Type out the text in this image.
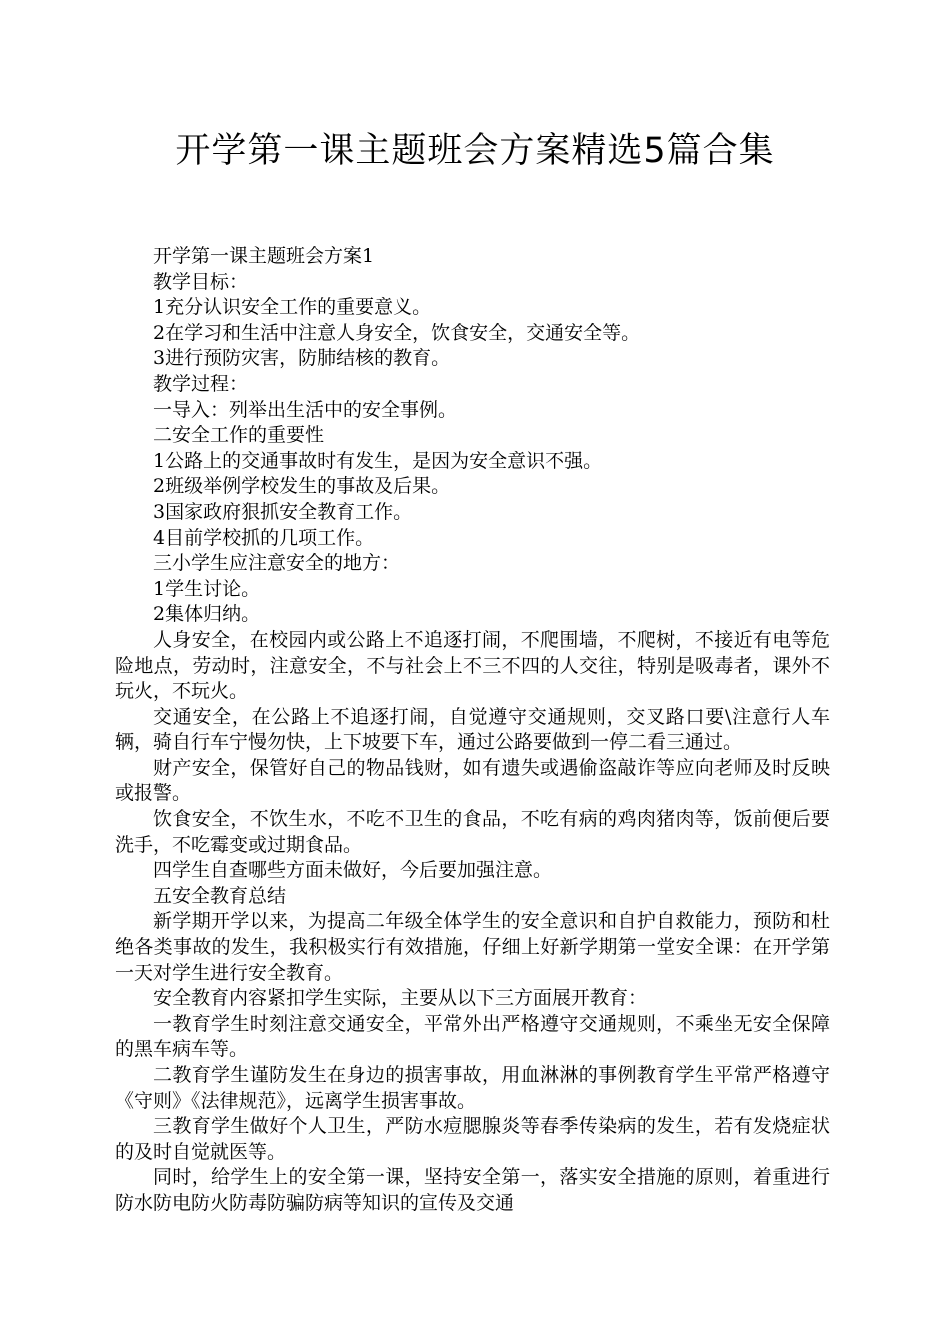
开学第一课主题班会方案精选5篇合集

开学第一课主题班会方案1

教学目标：

1充分认识安全工作的重要意义。

2在学习和生活中注意人身安全，饮食安全，交通安全等。

3进行预防灾害，防肺结核的教育。

教学过程：

一导入：列举出生活中的安全事例。

二安全工作的重要性

1公路上的交通事故时有发生，是因为安全意识不强。

2班级举例学校发生的事故及后果。

3国家政府狠抓安全教育工作。

4目前学校抓的几项工作。

三小学生应注意安全的地方：

1学生讨论。

2集体归纳。

人身安全，在校园内或公路上不追逐打闹，不爬围墙，不爬树，不接近有电等危险地点，劳动时，注意安全，不与社会上不三不四的人交往，特别是吸毒者，课外不玩火，不玩火。

交通安全，在公路上不追逐打闹，自觉遵守交通规则，交叉路口要\注意行人车辆，骑自行车宁慢勿快，上下坡要下车，通过公路要做到一停二看三通过。

财产安全，保管好自己的物品钱财，如有遗失或遇偷盗敲诈等应向老师及时反映或报警。

饮食安全，不饮生水，不吃不卫生的食品，不吃有病的鸡肉猪肉等，饭前便后要洗手，不吃霉变或过期食品。

四学生自查哪些方面未做好，今后要加强注意。

五安全教育总结

新学期开学以来，为提高二年级全体学生的安全意识和自护自救能力，预防和杜绝各类事故的发生，我积极实行有效措施，仔细上好新学期第一堂安全课：在开学第一天对学生进行安全教育。

安全教育内容紧扣学生实际，主要从以下三方面展开教育：

一教育学生时刻注意交通安全，平常外出严格遵守交通规则，不乘坐无安全保障的黑车病车等。

二教育学生谨防发生在身边的损害事故，用血淋淋的事例教育学生平常严格遵守《守则》《法律规范》，远离学生损害事故。

三教育学生做好个人卫生，严防水痘腮腺炎等春季传染病的发生，若有发烧症状的及时自觉就医等。

同时，给学生上的安全第一课，坚持安全第一，落实安全措施的原则，着重进行防水防电防火防毒防骗防病等知识的宣传及交通
